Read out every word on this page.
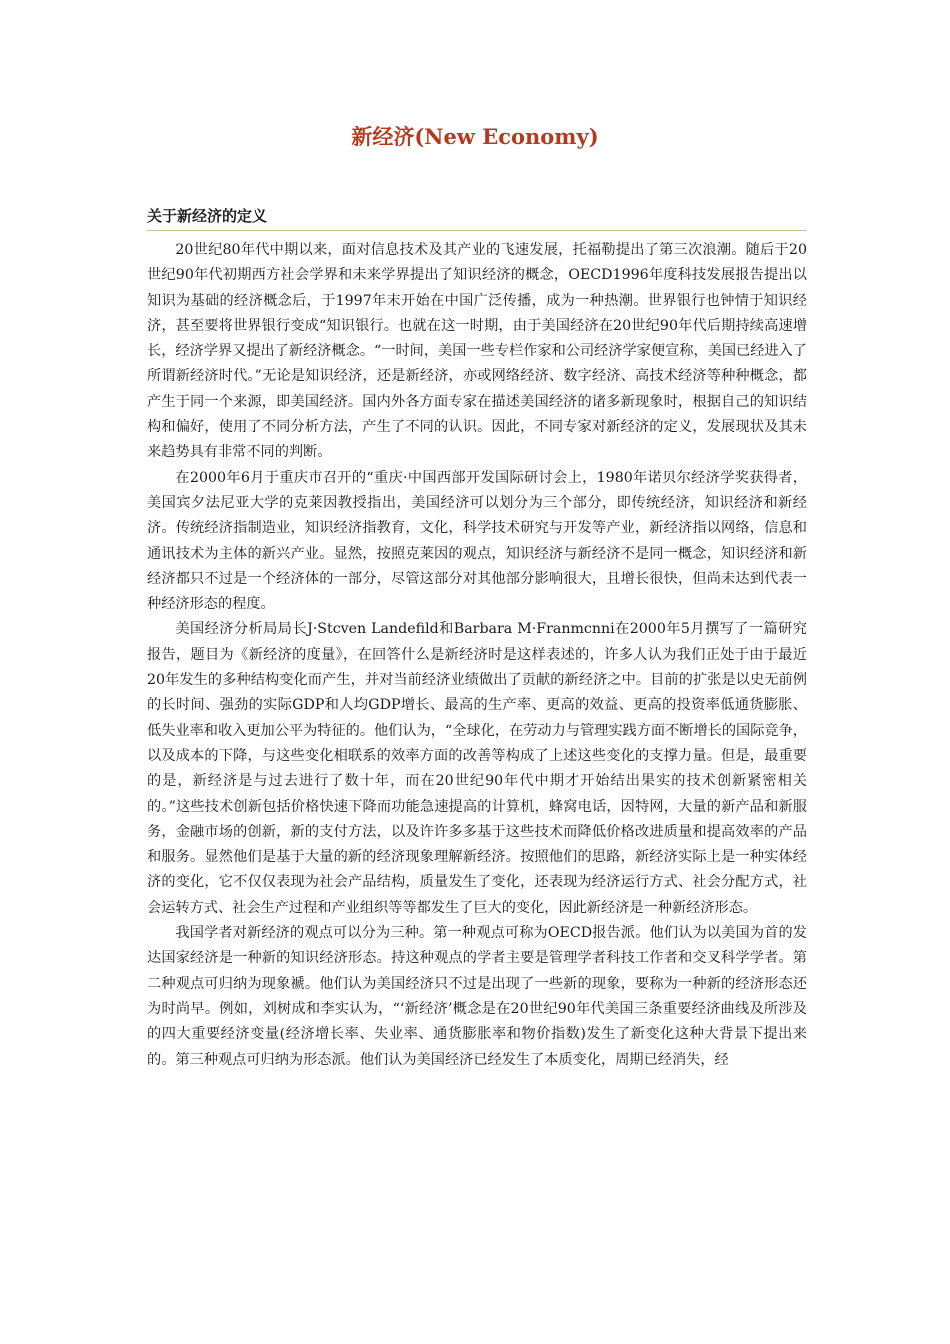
新经济(New Economy)
关于新经济的定义

20世纪80年代中期以来，面对信息技术及其产业的飞速发展，托福勒提出了第三次浪潮。随后于20世纪90年代初期西方社会学界和未来学界提出了知识经济的概念，OECD1996年度科技发展报告提出以知识为基础的经济概念后，于1997年末开始在中国广泛传播，成为一种热潮。世界银行也钟情于知识经济，甚至要将世界银行变成“知识银行。也就在这一时期，由于美国经济在20世纪90年代后期持续高速增长，经济学界又提出了新经济概念。“一时间，美国一些专栏作家和公司经济学家便宣称，美国已经进入了所谓新经济时代。”无论是知识经济，还是新经济，亦或网络经济、数字经济、高技术经济等种种概念，都产生于同一个来源，即美国经济。国内外各方面专家在描述美国经济的诸多新现象时，根据自己的知识结构和偏好，使用了不同分析方法，产生了不同的认识。因此，不同专家对新经济的定义，发展现状及其未来趋势具有非常不同的判断。

在2000年6月于重庆市召开的“重庆·中国西部开发国际研讨会上，1980年诺贝尔经济学奖获得者，美国宾夕法尼亚大学的克莱因教授指出，美国经济可以划分为三个部分，即传统经济，知识经济和新经济。传统经济指制造业，知识经济指教育，文化，科学技术研究与开发等产业，新经济指以网络，信息和通讯技术为主体的新兴产业。显然，按照克莱因的观点，知识经济与新经济不是同一概念，知识经济和新经济都只不过是一个经济体的一部分，尽管这部分对其他部分影响很大，且增长很快，但尚未达到代表一种经济形态的程度。

美国经济分析局局长J·Stcven Landefild和Barbara M·Franmcnni在2000年5月撰写了一篇研究报告，题目为《新经济的度量》，在回答什么是新经济时是这样表述的，许多人认为我们正处于由于最近20年发生的多种结构变化而产生，并对当前经济业绩做出了贡献的新经济之中。目前的扩张是以史无前例的长时间、强劲的实际GDP和人均GDP增长、最高的生产率、更高的效益、更高的投资率低通货膨胀、低失业率和收入更加公平为特征的。他们认为，“全球化，在劳动力与管理实践方面不断增长的国际竞争，以及成本的下降，与这些变化相联系的效率方面的改善等构成了上述这些变化的支撑力量。但是，最重要的是，新经济是与过去进行了数十年，而在20世纪90年代中期才开始结出果实的技术创新紧密相关的。”这些技术创新包括价格快速下降而功能急速提高的计算机，蜂窝电话，因特网，大量的新产品和新服务，金融市场的创新，新的支付方法，以及许许多多基于这些技术而降低价格改进质量和提高效率的产品和服务。显然他们是基于大量的新的经济现象理解新经济。按照他们的思路，新经济实际上是一种实体经济的变化，它不仅仅表现为社会产品结构，质量发生了变化，还表现为经济运行方式、社会分配方式，社会运转方式、社会生产过程和产业组织等等都发生了巨大的变化，因此新经济是一种新经济形态。

我国学者对新经济的观点可以分为三种。第一种观点可称为OECD报告派。他们认为以美国为首的发达国家经济是一种新的知识经济形态。持这种观点的学者主要是管理学者科技工作者和交叉科学学者。第二种观点可归纳为现象褫。他们认为美国经济只不过是出现了一些新的现象，要称为一种新的经济形态还为时尚早。例如，刘树成和李实认为，“‘新经济’概念是在20世纪90年代美国三条重要经济曲线及所涉及的四大重要经济变量(经济增长率、失业率、通货膨胀率和物价指数)发生了新变化这种大背景下提出来的。第三种观点可归纳为形态派。他们认为美国经济已经发生了本质变化，周期已经消失，经
